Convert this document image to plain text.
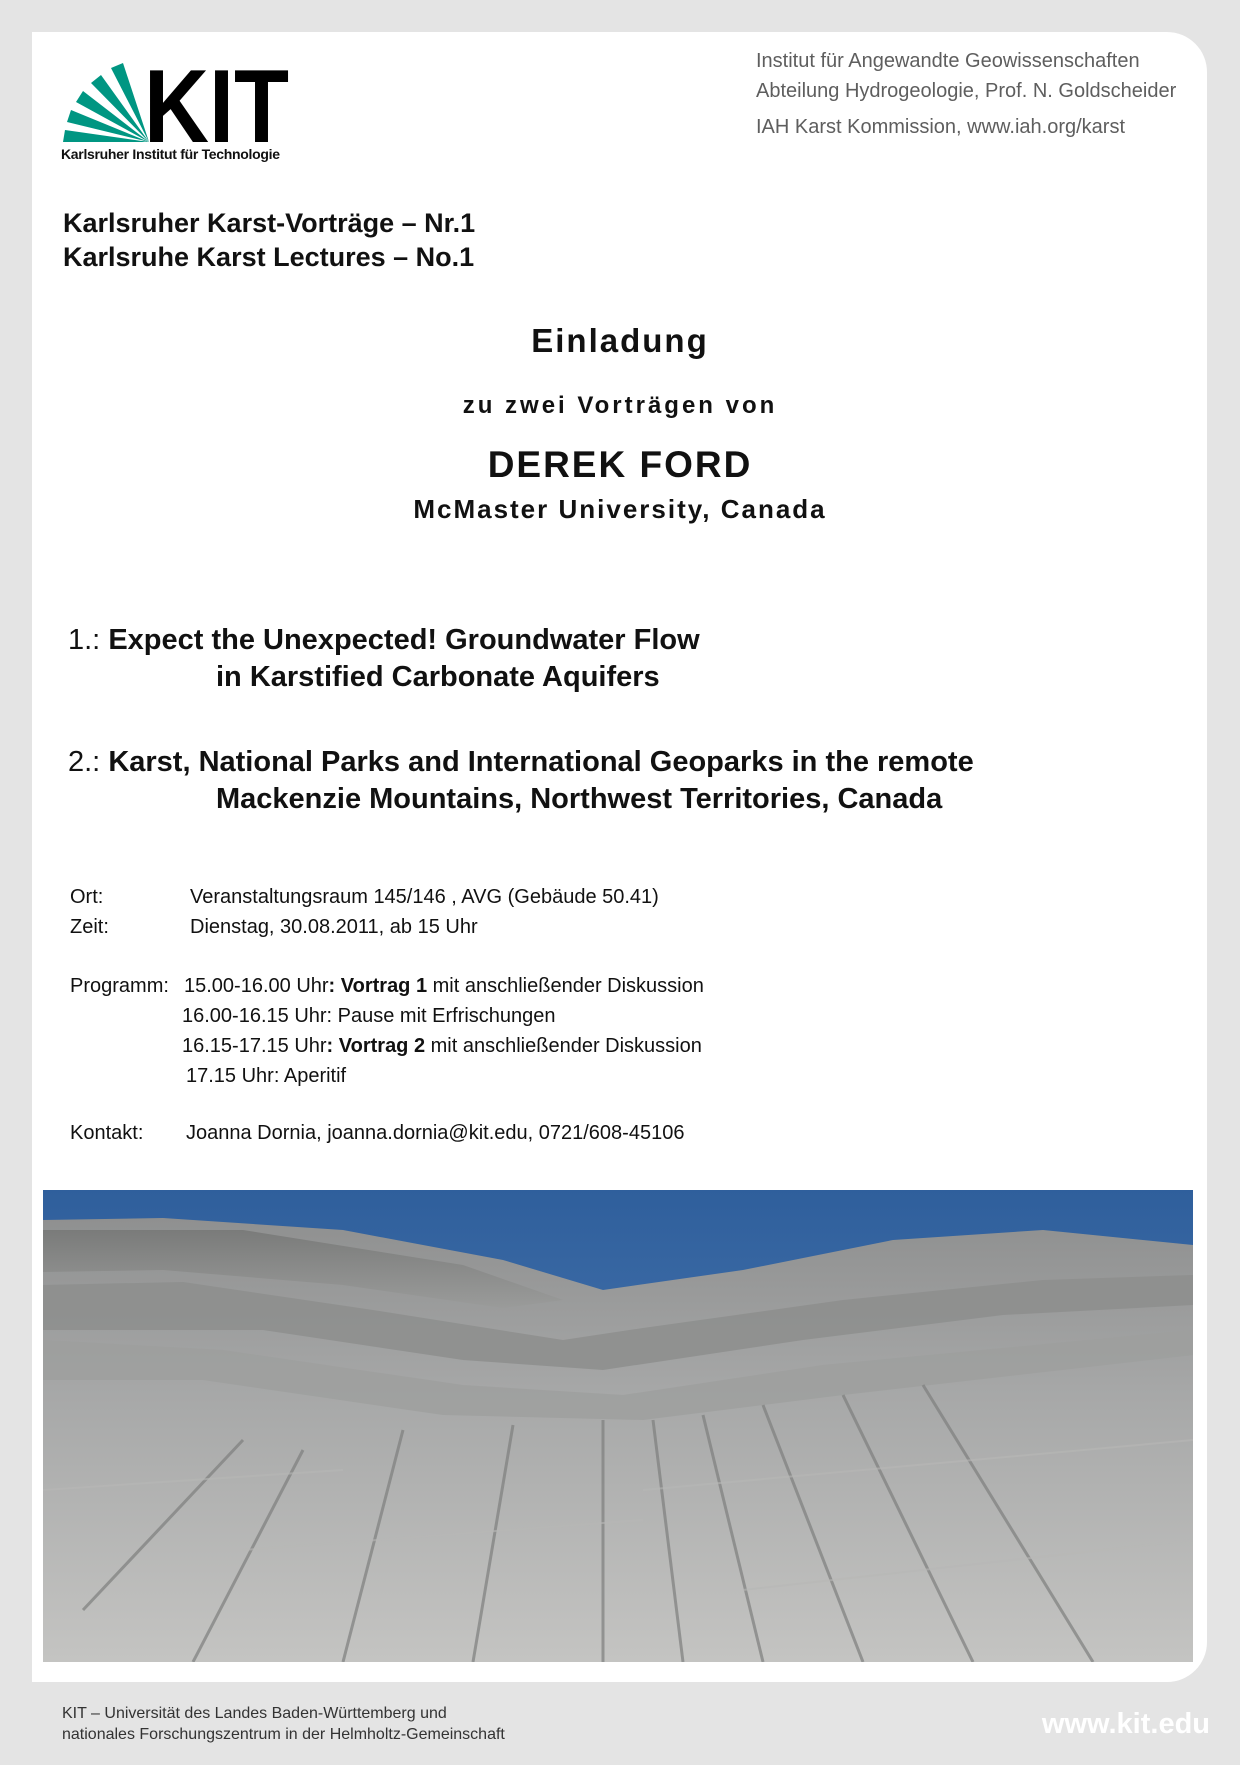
KIT
Karlsruher Institut für Technologie
Institut für Angewandte Geowissenschaften
Abteilung Hydrogeologie, Prof. N. Goldscheider
IAH Karst Kommission, www.iah.org/karst
Karlsruher Karst-Vorträge – Nr.1
Karlsruhe Karst Lectures – No.1
Einladung
zu zwei Vorträgen von
DEREK FORD
McMaster University, Canada
1.: Expect the Unexpected! Groundwater Flow
in Karstified Carbonate Aquifers
2.: Karst, National Parks and International Geoparks in the remote
Mackenzie Mountains, Northwest Territories, Canada
Ort:	Veranstaltungsraum 145/146 , AVG (Gebäude 50.41)
Zeit:	Dienstag, 30.08.2011, ab 15 Uhr
Programm: 15.00-16.00 Uhr: Vortrag 1 mit anschließender Diskussion
16.00-16.15 Uhr: Pause mit Erfrischungen
16.15-17.15 Uhr: Vortrag 2 mit anschließender Diskussion
17.15 Uhr: Aperitif
Kontakt: Joanna Dornia, joanna.dornia@kit.edu, 0721/608-45106
KIT – Universität des Landes Baden-Württemberg und
nationales Forschungszentrum in der Helmholtz-Gemeinschaft	www.kit.edu
